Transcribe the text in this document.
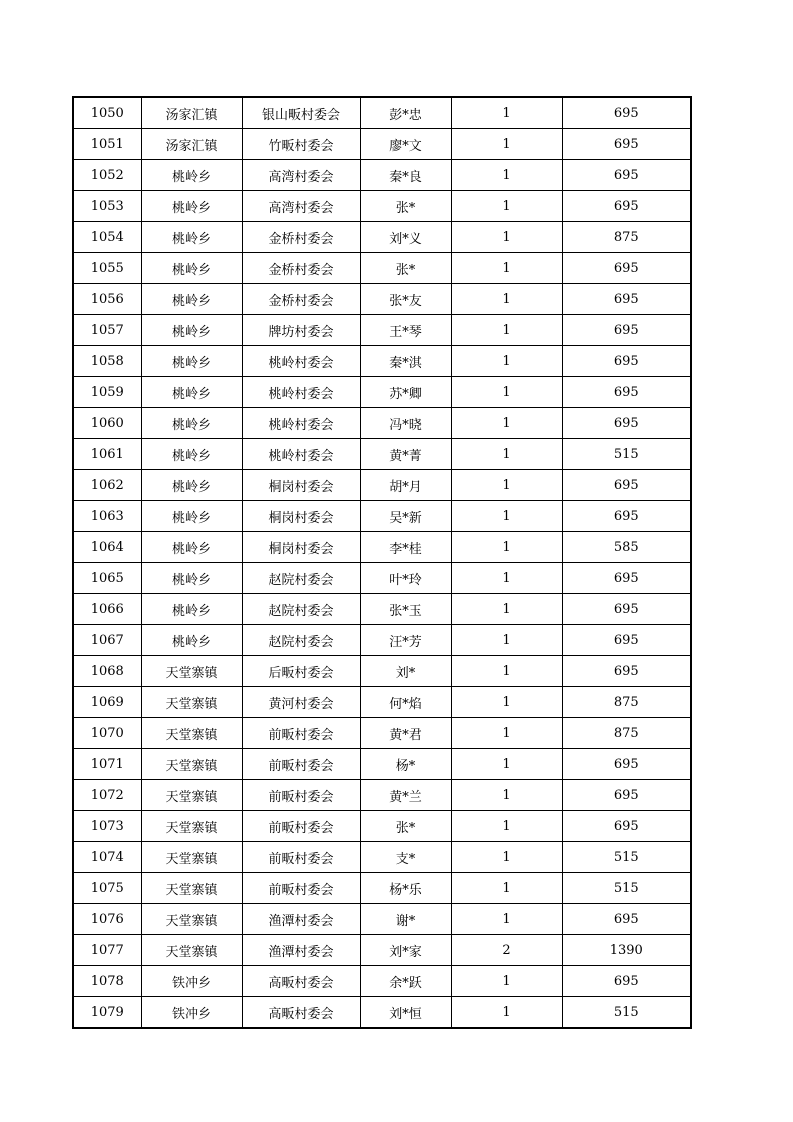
1050	汤家汇镇	银山畈村委会	彭*忠	1	695
1051	汤家汇镇	竹畈村委会	廖*文	1	695
1052	桃岭乡	高湾村委会	秦*良	1	695
1053	桃岭乡	高湾村委会	张*	1	695
1054	桃岭乡	金桥村委会	刘*义	1	875
1055	桃岭乡	金桥村委会	张*	1	695
1056	桃岭乡	金桥村委会	张*友	1	695
1057	桃岭乡	牌坊村委会	王*琴	1	695
1058	桃岭乡	桃岭村委会	秦*淇	1	695
1059	桃岭乡	桃岭村委会	苏*卿	1	695
1060	桃岭乡	桃岭村委会	冯*晓	1	695
1061	桃岭乡	桃岭村委会	黄*菁	1	515
1062	桃岭乡	桐岗村委会	胡*月	1	695
1063	桃岭乡	桐岗村委会	吴*新	1	695
1064	桃岭乡	桐岗村委会	李*桂	1	585
1065	桃岭乡	赵院村委会	叶*玲	1	695
1066	桃岭乡	赵院村委会	张*玉	1	695
1067	桃岭乡	赵院村委会	汪*芳	1	695
1068	天堂寨镇	后畈村委会	刘*	1	695
1069	天堂寨镇	黄河村委会	何*焰	1	875
1070	天堂寨镇	前畈村委会	黄*君	1	875
1071	天堂寨镇	前畈村委会	杨*	1	695
1072	天堂寨镇	前畈村委会	黄*兰	1	695
1073	天堂寨镇	前畈村委会	张*	1	695
1074	天堂寨镇	前畈村委会	支*	1	515
1075	天堂寨镇	前畈村委会	杨*乐	1	515
1076	天堂寨镇	渔潭村委会	谢*	1	695
1077	天堂寨镇	渔潭村委会	刘*家	2	1390
1078	铁冲乡	高畈村委会	余*跃	1	695
1079	铁冲乡	高畈村委会	刘*恒	1	515
